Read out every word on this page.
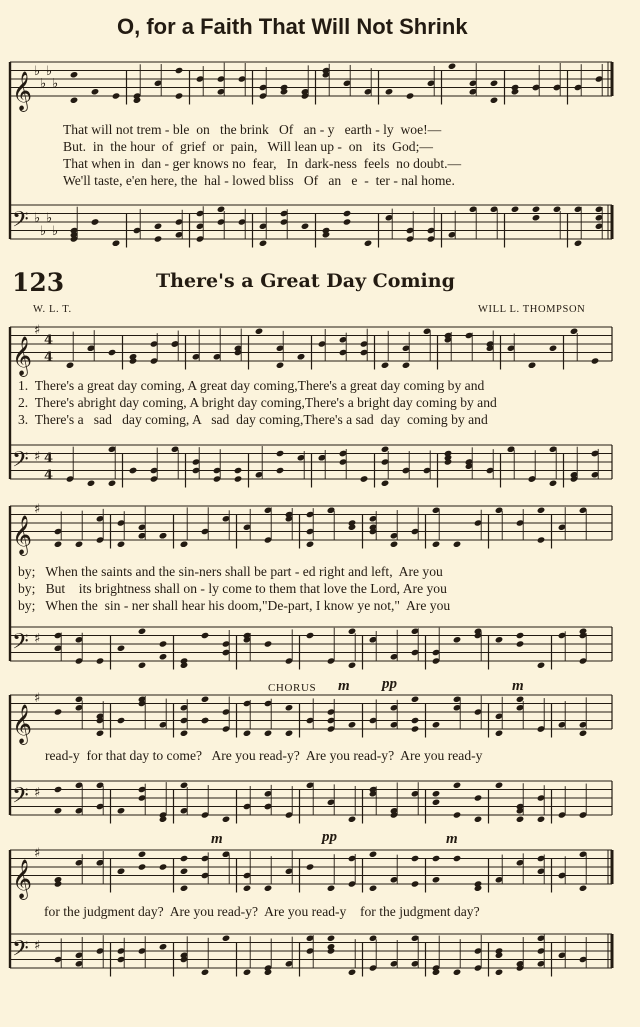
𝄞
𝄢
♭
♭
♭
♭
♭
♭
♭
♭
𝄞
𝄢
♯
♯
4
4
4
4
𝄞
𝄢
♯
♯
𝄞
𝄢
♯
♯
𝄞
𝄢
♯
♯
O, for a Faith That Will Not Shrink
That will not trem - ble  on   the brink   Of   an - y   earth - ly  woe!—
But.  in  the hour  of  grief  or  pain,   Will lean up -  on   its  God;—
That when in  dan - ger knows no  fear,   In  dark-ness  feels  no doubt.—
We'll taste, e'en here, the  hal - lowed bliss   Of   an   e  -  ter - nal home.
123	There's a Great Day Coming
W. L. T.	WILL L. THOMPSON
1.  There's a great day coming, A great day coming,There's a great day coming by and
2.  There's abright day coming, A bright day coming,There's a bright day coming by and
3.  There's a   sad   day coming, A   sad  day coming,There's a sad  day  coming by and
by;   When the saints and the sin-ners shall be part - ed right and left,  Are you
by;   But    its brightness shall on - ly come to them that love the Lord, Are you
by;   When the  sin - ner shall hear his doom,"De-part, I know ye not,"  Are you
CHORUS m pp	m
read-y  for that day to come?   Are you read-y?  Are you read-y?  Are you read-y
m	pp	m
for the judgment day?  Are you read-y?  Are you read-y    for the judgment day?
